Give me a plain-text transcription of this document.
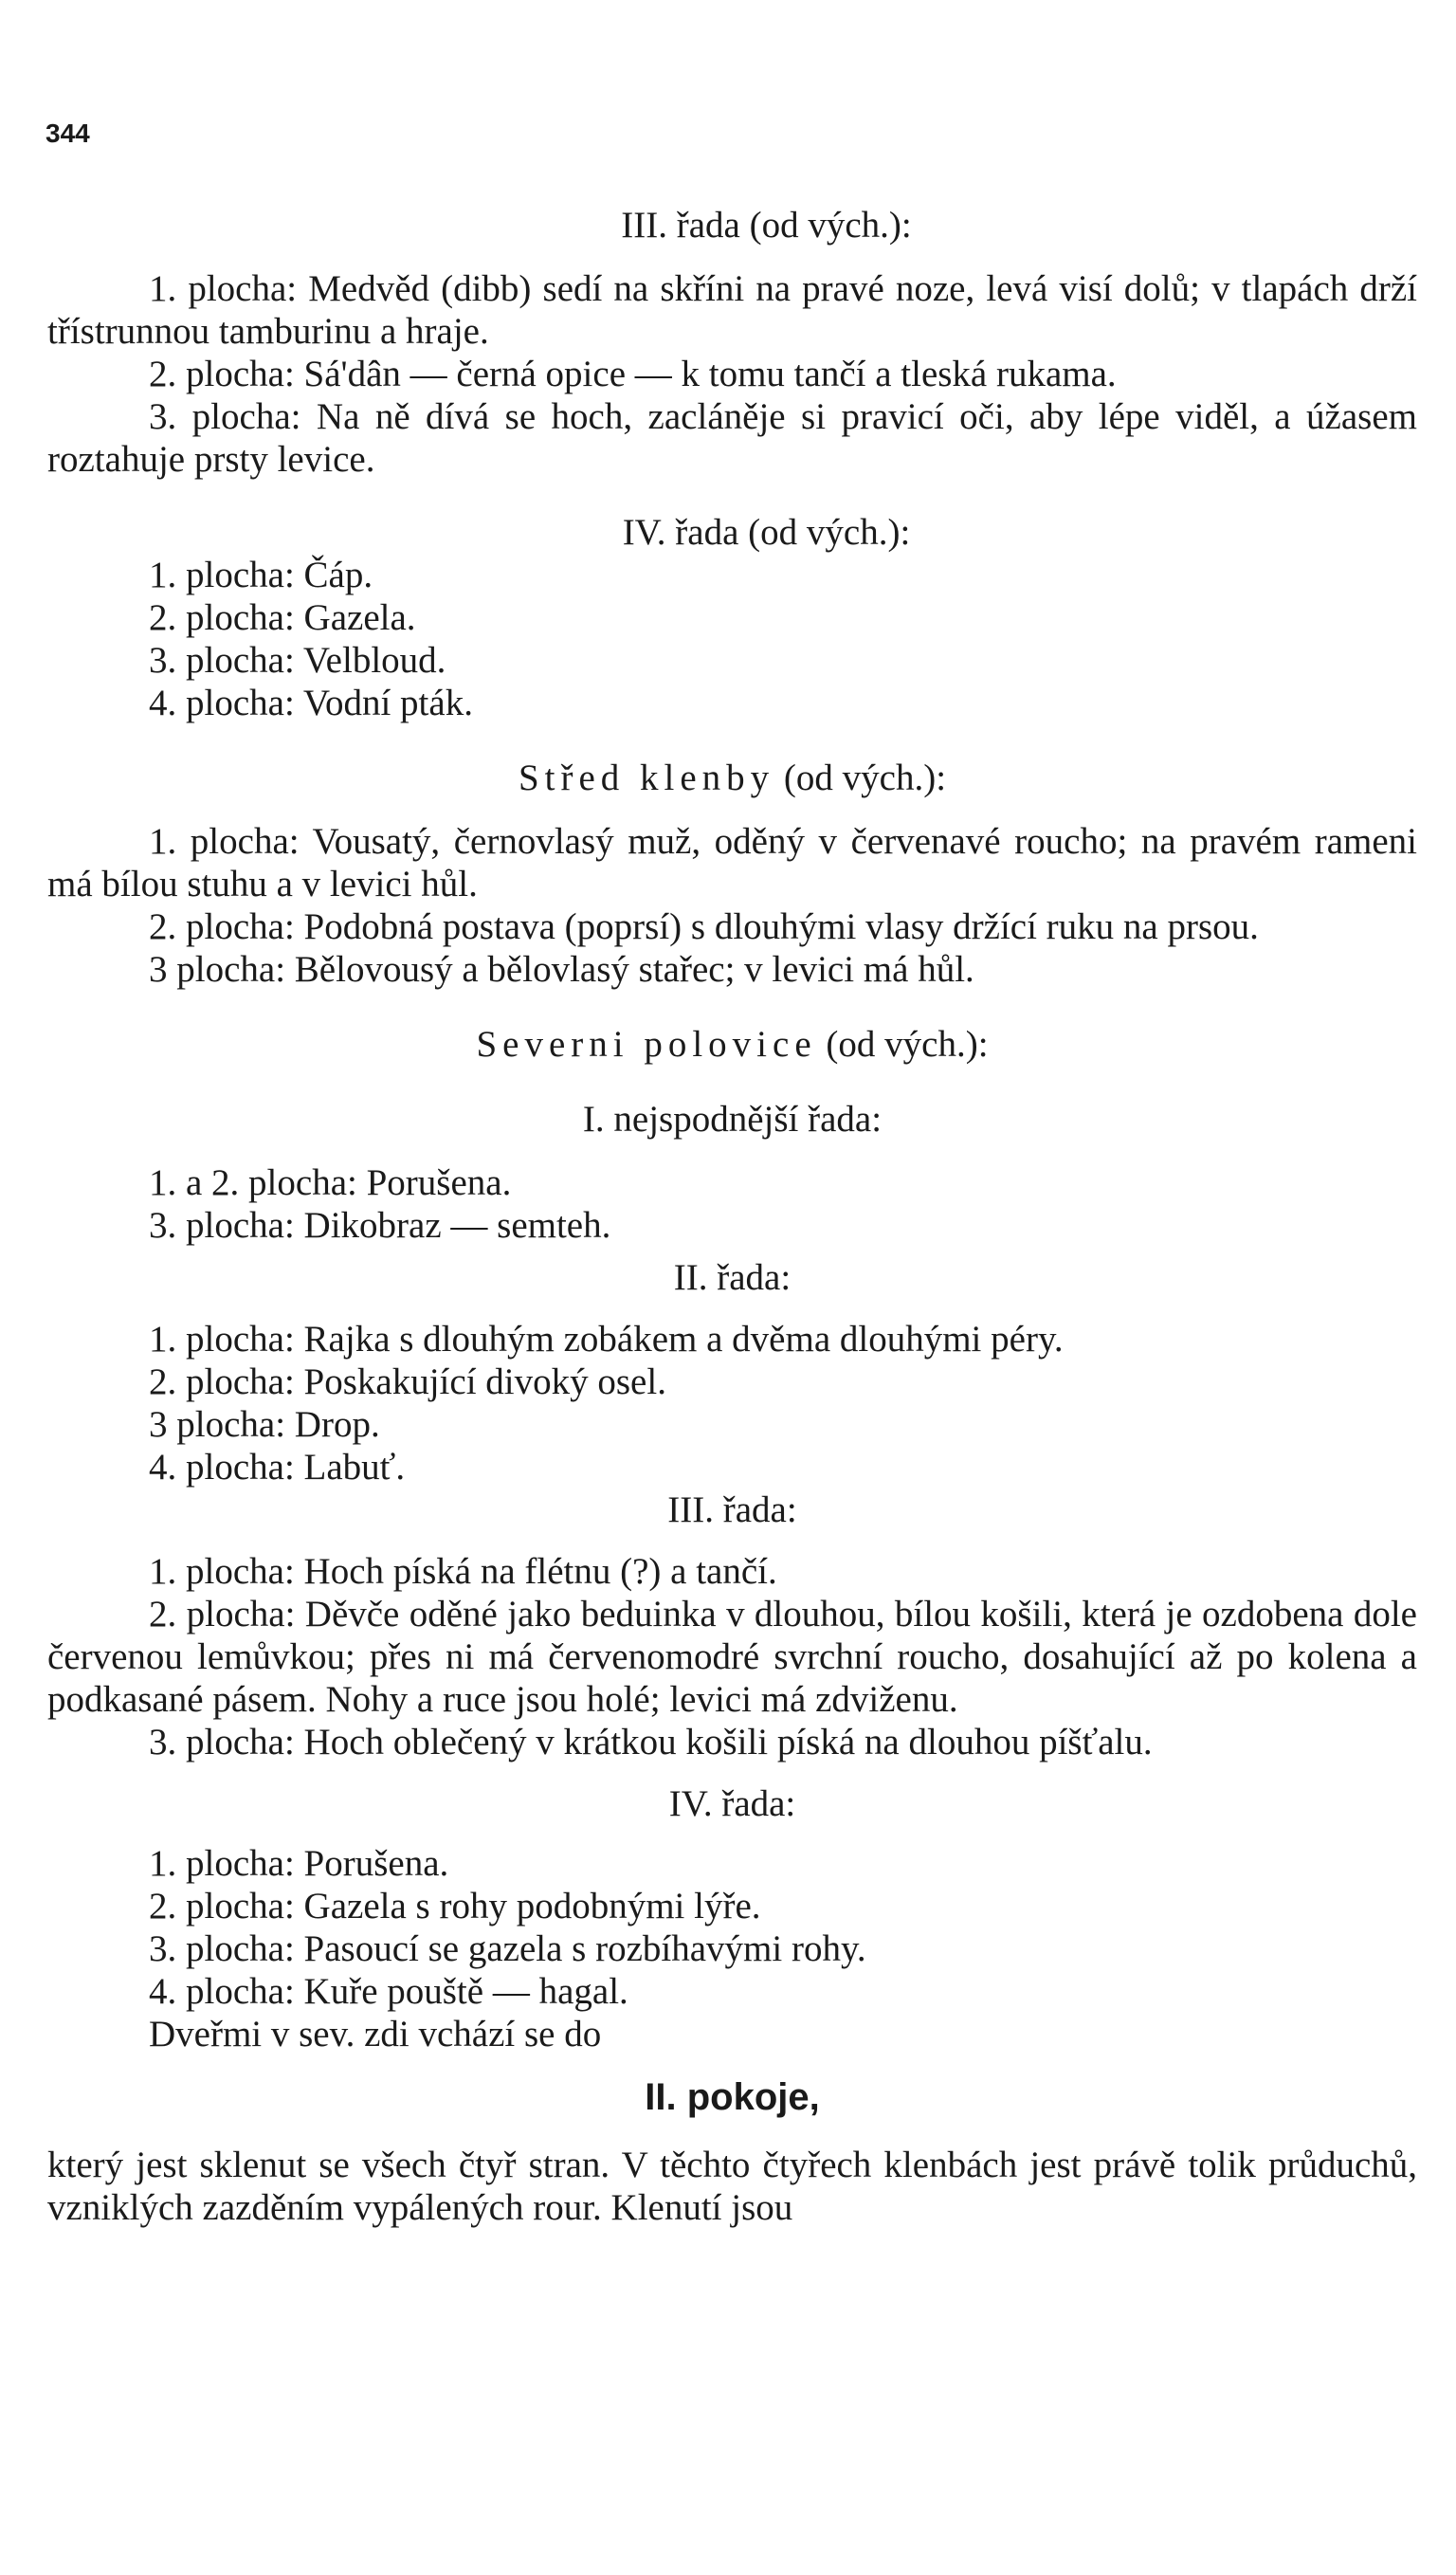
344
III. řada (od vých.):
1. plocha: Medvěd (dibb) sedí na skříni na pravé noze, levá visí dolů; v tlapách drží třístrunnou tamburinu a hraje.
2. plocha: Sá'dân — černá opice — k tomu tančí a tleská rukama.
3. plocha: Na ně dívá se hoch, zacláněje si pravicí oči, aby lépe viděl, a úžasem roztahuje prsty levice.
IV. řada (od vých.):
1. plocha: Čáp.
2. plocha: Gazela.
3. plocha: Velbloud.
4. plocha: Vodní pták.
Střed klenby (od vých.):
1. plocha: Vousatý, černovlasý muž, oděný v červenavé roucho; na pravém rameni má bílou stuhu a v levici hůl.
2. plocha: Podobná postava (poprsí) s dlouhými vlasy držící ruku na prsou.
3 plocha: Bělovousý a bělovlasý stařec; v levici má hůl.
Severni polovice (od vých.):
I. nejspodnější řada:
1. a 2. plocha: Porušena.
3. plocha: Dikobraz — semteh.
II. řada:
1. plocha: Rajka s dlouhým zobákem a dvěma dlouhými péry.
2. plocha: Poskakující divoký osel.
3 plocha: Drop.
4. plocha: Labuť.
III. řada:
1. plocha: Hoch píská na flétnu (?) a tančí.
2. plocha: Děvče oděné jako beduinka v dlouhou, bílou košili, která je ozdobena dole červenou lemůvkou; přes ni má červenomodré svrchní roucho, dosahující až po kolena a podkasané pásem. Nohy a ruce jsou holé; levici má zdviženu.
3. plocha: Hoch oblečený v krátkou košili píská na dlouhou píšťalu.
IV. řada:
1. plocha: Porušena.
2. plocha: Gazela s rohy podobnými lýře.
3. plocha: Pasoucí se gazela s rozbíhavými rohy.
4. plocha: Kuře pouště — hagal.
Dveřmi v sev. zdi vchází se do
II. pokoje,
který jest sklenut se všech čtyř stran. V těchto čtyřech klenbách jest právě tolik průduchů, vzniklých zazděním vypálených rour. Klenutí jsou
